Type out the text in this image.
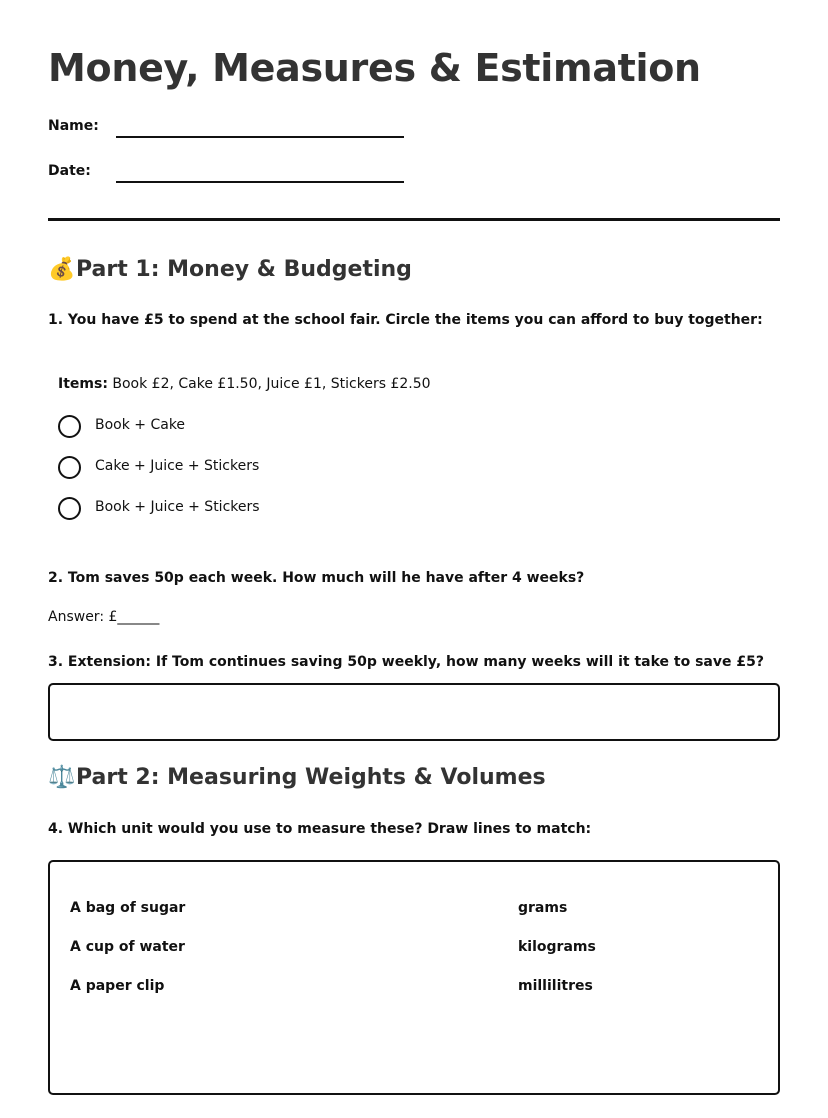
Money, Measures & Estimation
Name:
Date:
💰Part 1: Money & Budgeting

1. You have £5 to spend at the school fair. Circle the items you can afford to buy together:

Items: Book £2, Cake £1.50, Juice £1, Stickers £2.50
Book + Cake
Cake + Juice + Stickers
Book + Juice + Stickers

2. Tom saves 50p each week. How much will he have after 4 weeks?

Answer: £______

3. Extension: If Tom continues saving 50p weekly, how many weeks will it take to save £5?

⚖️Part 2: Measuring Weights & Volumes

4. Which unit would you use to measure these? Draw lines to match:

A bag of sugar
A cup of water
A paper clip
grams
kilograms
millilitres
